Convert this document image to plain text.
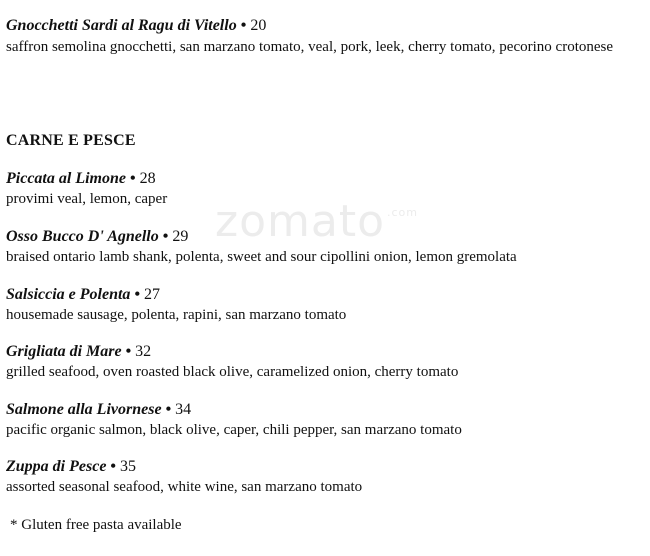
zomato $^{.com}$
Gnocchetti Sardi al Ragu di Vitello • 20
saffron semolina gnocchetti, san marzano tomato, veal, pork, leek, cherry tomato, pecorino crotonese
CARNE E PESCE
Piccata al Limone • 28
provimi veal, lemon, caper
Osso Bucco D' Agnello • 29
braised ontario lamb shank, polenta, sweet and sour cipollini onion, lemon gremolata
Salsiccia e Polenta • 27
housemade sausage, polenta, rapini, san marzano tomato
Grigliata di Mare • 32
grilled seafood, oven roasted black olive, caramelized onion, cherry tomato
Salmone alla Livornese • 34
pacific organic salmon, black olive, caper, chili pepper, san marzano tomato
Zuppa di Pesce • 35
assorted seasonal seafood, white wine, san marzano tomato
* Gluten free pasta available
